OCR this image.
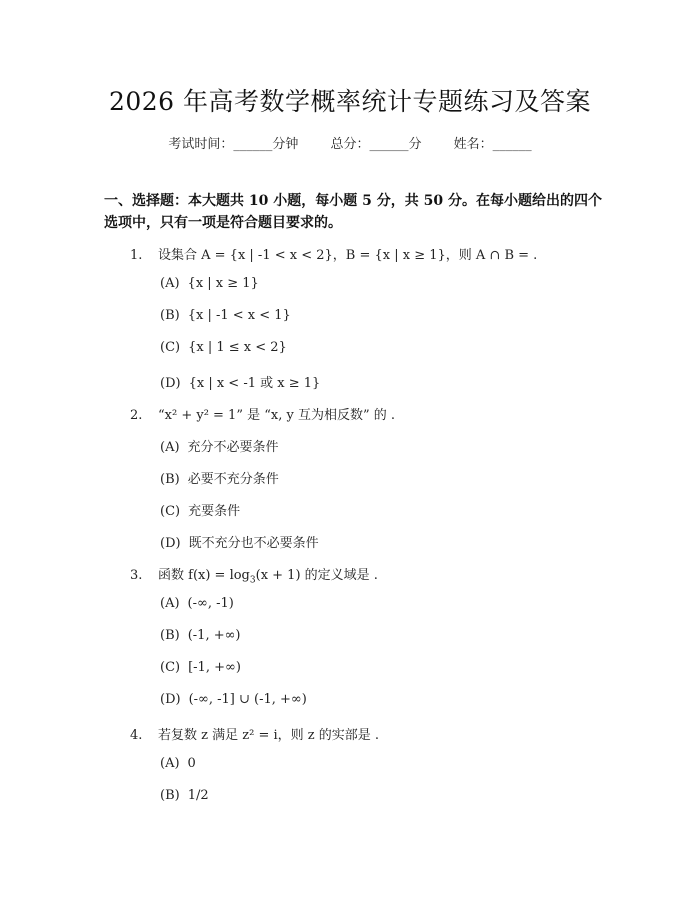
2026 年高考数学概率统计专题练习及答案
考试时间：______分钟 总分：______分 姓名：______
一、选择题：本大题共 10 小题，每小题 5 分，共 50 分。在每小题给出的四个选项中，只有一项是符合题目要求的。
1. 设集合 A = {x | -1 < x < 2}，B = {x | x ≥ 1}，则 A ∩ B = .
(A) {x | x ≥ 1}
(B) {x | -1 < x < 1}
(C) {x | 1 ≤ x < 2}
(D) {x | x < -1 或 x ≥ 1}
2. “x² + y² = 1” 是 “x, y 互为相反数” 的 .
(A) 充分不必要条件
(B) 必要不充分条件
(C) 充要条件
(D) 既不充分也不必要条件
3. 函数 $f(x) = \log_3(x + 1)$ 的定义域是 .
(A) (-∞, -1)
(B) (-1, +∞)
(C) [-1, +∞)
(D) (-∞, -1] ∪ (-1, +∞)
4. 若复数 z 满足 z² = i，则 z 的实部是 .
(A) 0
(B) 1/2
